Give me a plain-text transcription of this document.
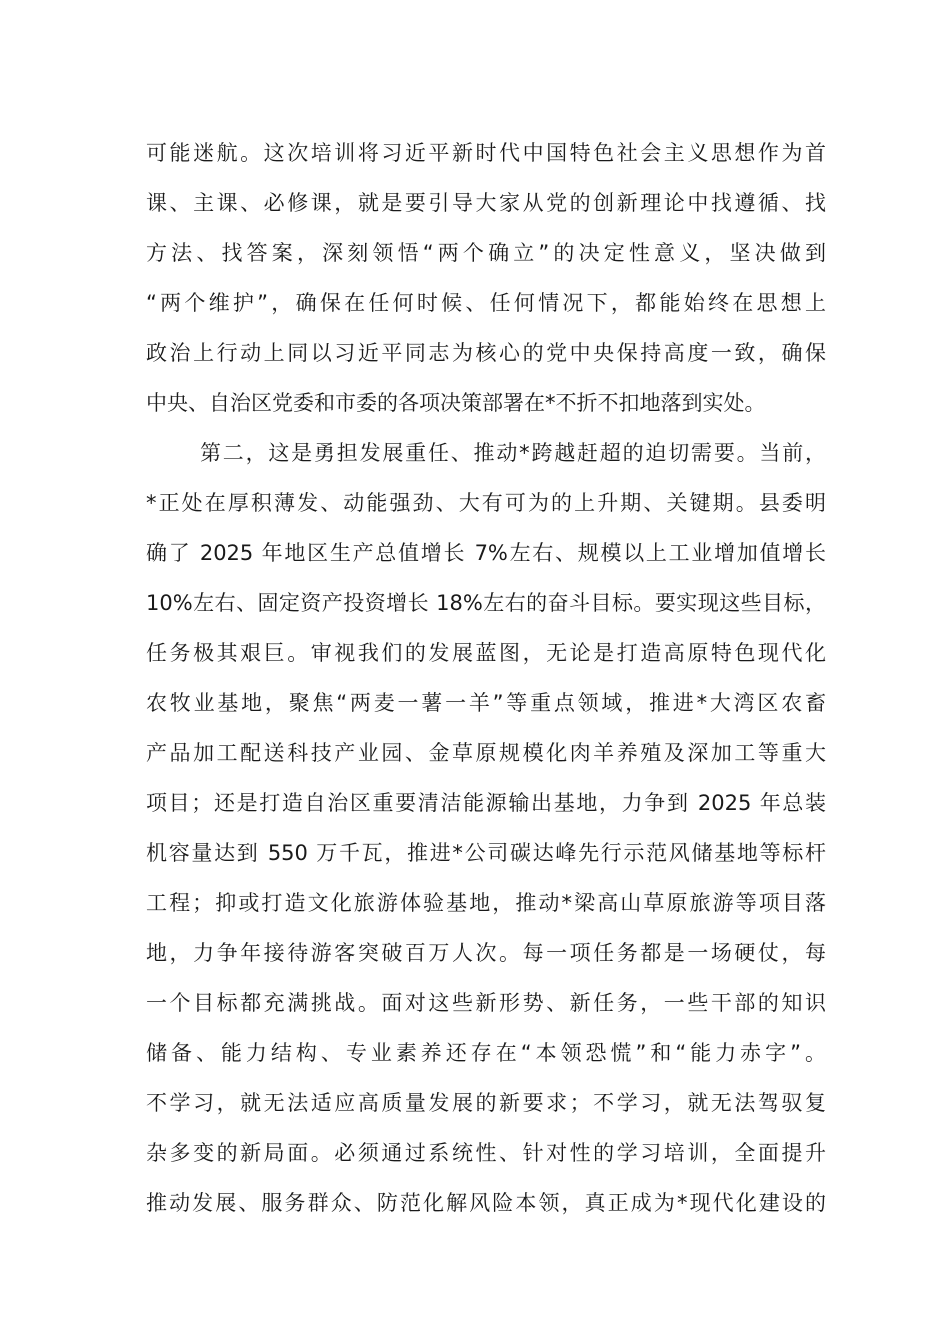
可能迷航。这次培训将习近平新时代中国特色社会主义思想作为首
课、主课、必修课，就是要引导大家从党的创新理论中找遵循、找
方法、找答案，深刻领悟“两个确立”的决定性意义，坚决做到
“两个维护”，确保在任何时候、任何情况下，都能始终在思想上
政治上行动上同以习近平同志为核心的党中央保持高度一致，确保
中央、自治区党委和市委的各项决策部署在*不折不扣地落到实处。
第二，这是勇担发展重任、推动*跨越赶超的迫切需要。当前，
*正处在厚积薄发、动能强劲、大有可为的上升期、关键期。县委明
确了 2025 年地区生产总值增长 7%左右、规模以上工业增加值增长
10%左右、固定资产投资增长 18%左右的奋斗目标。要实现这些目标，
任务极其艰巨。审视我们的发展蓝图，无论是打造高原特色现代化
农牧业基地，聚焦“两麦一薯一羊”等重点领域，推进*大湾区农畜
产品加工配送科技产业园、金草原规模化肉羊养殖及深加工等重大
项目；还是打造自治区重要清洁能源输出基地，力争到 2025 年总装
机容量达到 550 万千瓦，推进*公司碳达峰先行示范风储基地等标杆
工程；抑或打造文化旅游体验基地，推动*梁高山草原旅游等项目落
地，力争年接待游客突破百万人次。每一项任务都是一场硬仗，每
一个目标都充满挑战。面对这些新形势、新任务，一些干部的知识
储备、能力结构、专业素养还存在“本领恐慌”和“能力赤字”。
不学习，就无法适应高质量发展的新要求；不学习，就无法驾驭复
杂多变的新局面。必须通过系统性、针对性的学习培训，全面提升
推动发展、服务群众、防范化解风险本领，真正成为*现代化建设的
